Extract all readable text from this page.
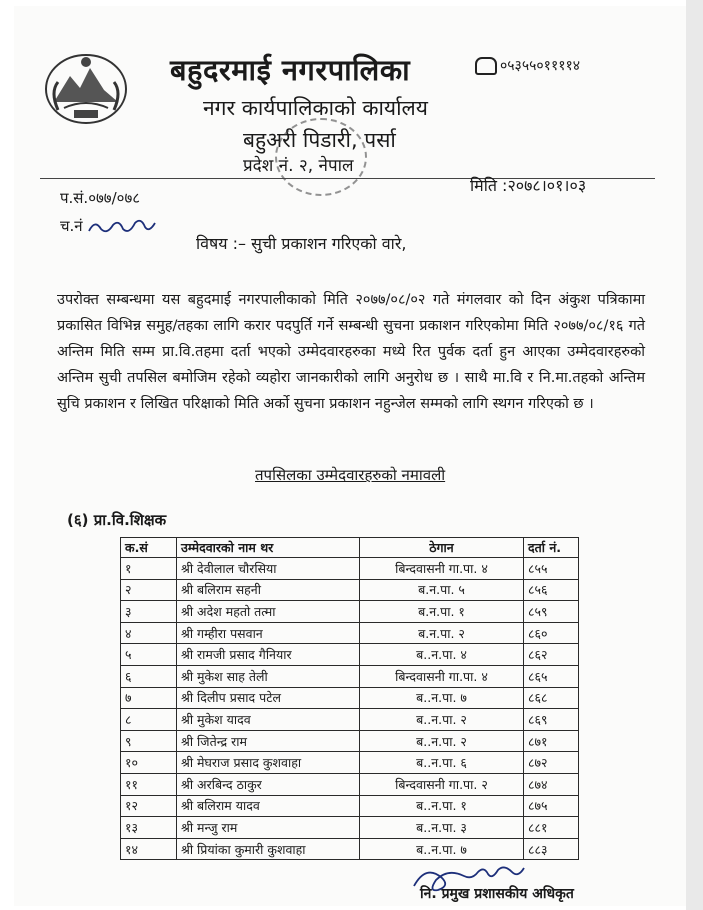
बहुदरमाई नगरपालिका	०५३५५०११११४
नगर कार्यपालिकाको कार्यालय
बहुअरी पिडारी, पर्सा
प्रदेश नं. २, नेपाल
प.सं.०७७/०७८
मिति :२०७८।०१।०३
च.नं
विषय :– सुची प्रकाशन गरिएको वारे,
उपरोक्त सम्बन्धमा यस बहुदमाई नगरपालीकाको मिति २०७७/०८/०२ गते मंगलवार को दिन अंकुश पत्रिकामा प्रकासित विभिन्न समुह/तहका लागि करार पदपुर्ति गर्ने सम्बन्धी सुचना प्रकाशन गरिएकोमा मिति २०७७/०८/१६ गते अन्तिम मिति सम्म प्रा.वि.तहमा दर्ता भएको उम्मेदवारहरुका मध्ये रित पुर्वक दर्ता हुन आएका उम्मेदवारहरुको अन्तिम सुची तपसिल बमोजिम रहेको व्यहोरा जानकारीको लागि अनुरोध छ । साथै मा.वि र नि.मा.तहको अन्तिम सुचि प्रकाशन र लिखित परिक्षाको मिति अर्को सुचना प्रकाशन नहुन्जेल सम्मको लागि स्थगन गरिएको छ ।
तपसिलका उम्मेदवारहरुको नमावली
(६) प्रा.वि.शिक्षक
क.सं	उम्मेदवारको नाम थर	ठेगान	दर्ता नं.
१	श्री देवीलाल चौरसिया	बिन्दवासनी गा.पा. ४	८५५
२	श्री बलिराम सहनी	ब.न.पा. ५	८५६
३	श्री अदेश महतो तत्मा	ब.न.पा. १	८५९
४	श्री गम्हीरा पसवान	ब.न.पा. २	८६०
५	श्री रामजी प्रसाद गैनियार	ब..न.पा. ४	८६२
६	श्री मुकेश साह तेली	बिन्दवासनी गा.पा. ४	८६५
७	श्री दिलीप प्रसाद पटेल	ब..न.पा. ७	८६८
८	श्री मुकेश यादव	ब..न.पा. २	८६९
९	श्री जितेन्द्र राम	ब..न.पा. २	८७१
१०	श्री मेघराज प्रसाद कुशवाहा	ब..न.पा. ६	८७२
११	श्री अरबिन्द ठाकुर	बिन्दवासनी गा.पा. २	८७४
१२	श्री बलिराम यादव	ब..न.पा. १	८७५
१३	श्री मन्जु राम	ब..न.पा. ३	८८१
१४	श्री प्रियांका कुमारी कुशवाहा	ब..न.पा. ७	८८३
नि. प्रमुख प्रशासकीय अधिकृत
